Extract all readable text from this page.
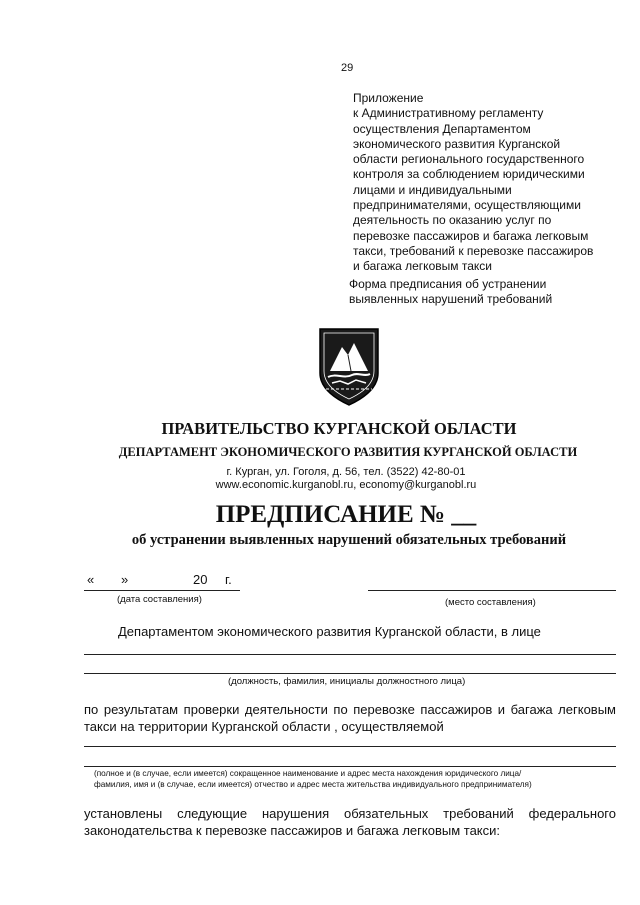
29
Приложение
к Административному регламенту
осуществления Департаментом
экономического развития Курганской
области регионального государственного
контроля за соблюдением юридическими
лицами и индивидуальными
предпринимателями, осуществляющими
деятельность по оказанию услуг по
перевозке пассажиров и багажа легковым
такси, требований к перевозке пассажиров
и багажа легковым такси
Форма предписания об устранении
выявленных нарушений требований
ПРАВИТЕЛЬСТВО КУРГАНСКОЙ ОБЛАСТИ
ДЕПАРТАМЕНТ ЭКОНОМИЧЕСКОГО РАЗВИТИЯ КУРГАНСКОЙ ОБЛАСТИ
г. Курган, ул. Гоголя, д. 56, тел. (3522) 42-80-01
www.economic.kurganobl.ru, economy@kurganobl.ru
ПРЕДПИСАНИЕ № __
об устранении выявленных нарушений обязательных требований
« »	20 г.
(дата составления)	(место составления)
Департаментом экономического развития Курганской области, в лице
(должность, фамилия, инициалы должностного лица)
по результатам проверки деятельности по перевозке пассажиров и багажа легковым
такси на территории Курганской области , осуществляемой
(полное и (в случае, если имеется) сокращенное наименование и адрес места нахождения юридического лица/
фамилия, имя и (в случае, если имеется) отчество и адрес места жительства индивидуального предпринимателя)
установлены следующие нарушения обязательных требований федерального
законодательства к перевозке пассажиров и багажа легковым такси:
